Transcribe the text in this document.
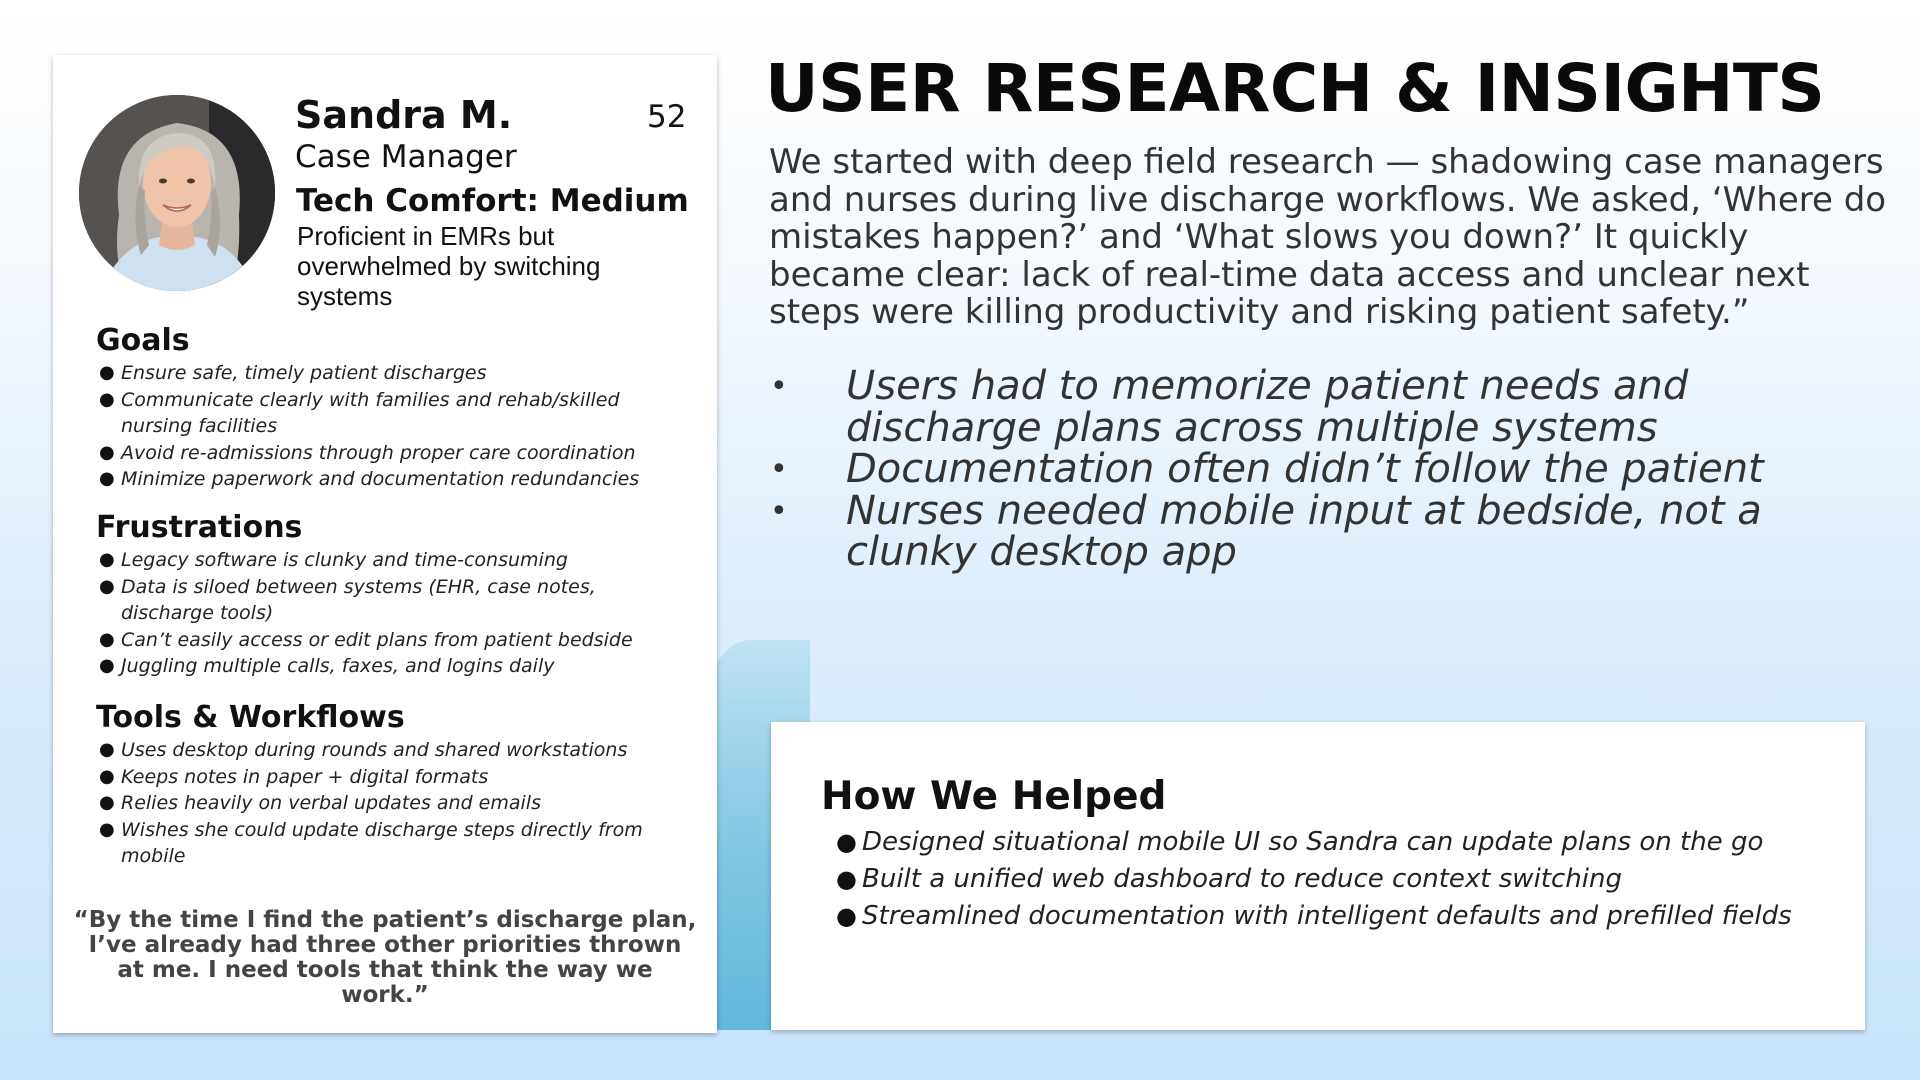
Sandra M.	52
Case Manager
Tech Comfort: Medium
Proficient in EMRs but overwhelmed by switching systems
Goals
● Ensure safe, timely patient discharges
● Communicate clearly with families and rehab/skilled nursing facilities
● Avoid re-admissions through proper care coordination
● Minimize paperwork and documentation redundancies
Frustrations
● Legacy software is clunky and time-consuming
● Data is siloed between systems (EHR, case notes, discharge tools)
● Can’t easily access or edit plans from patient bedside
● Juggling multiple calls, faxes, and logins daily
Tools & Workflows
● Uses desktop during rounds and shared workstations
● Keeps notes in paper + digital formats
● Relies heavily on verbal updates and emails
● Wishes she could update discharge steps directly from mobile
“By the time I find the patient’s discharge plan, I’ve already had three other priorities thrown at me. I need tools that think the way we work.”
USER RESEARCH & INSIGHTS
We started with deep field research — shadowing case managers and nurses during live discharge workflows. We asked, ‘Where do mistakes happen?’ and ‘What slows you down?’ It quickly became clear: lack of real-time data access and unclear next steps were killing productivity and risking patient safety.”
• Users had to memorize patient needs and discharge plans across multiple systems
• Documentation often didn’t follow the patient
• Nurses needed mobile input at bedside, not a clunky desktop app
How We Helped
● Designed situational mobile UI so Sandra can update plans on the go
● Built a unified web dashboard to reduce context switching
● Streamlined documentation with intelligent defaults and prefilled fields
